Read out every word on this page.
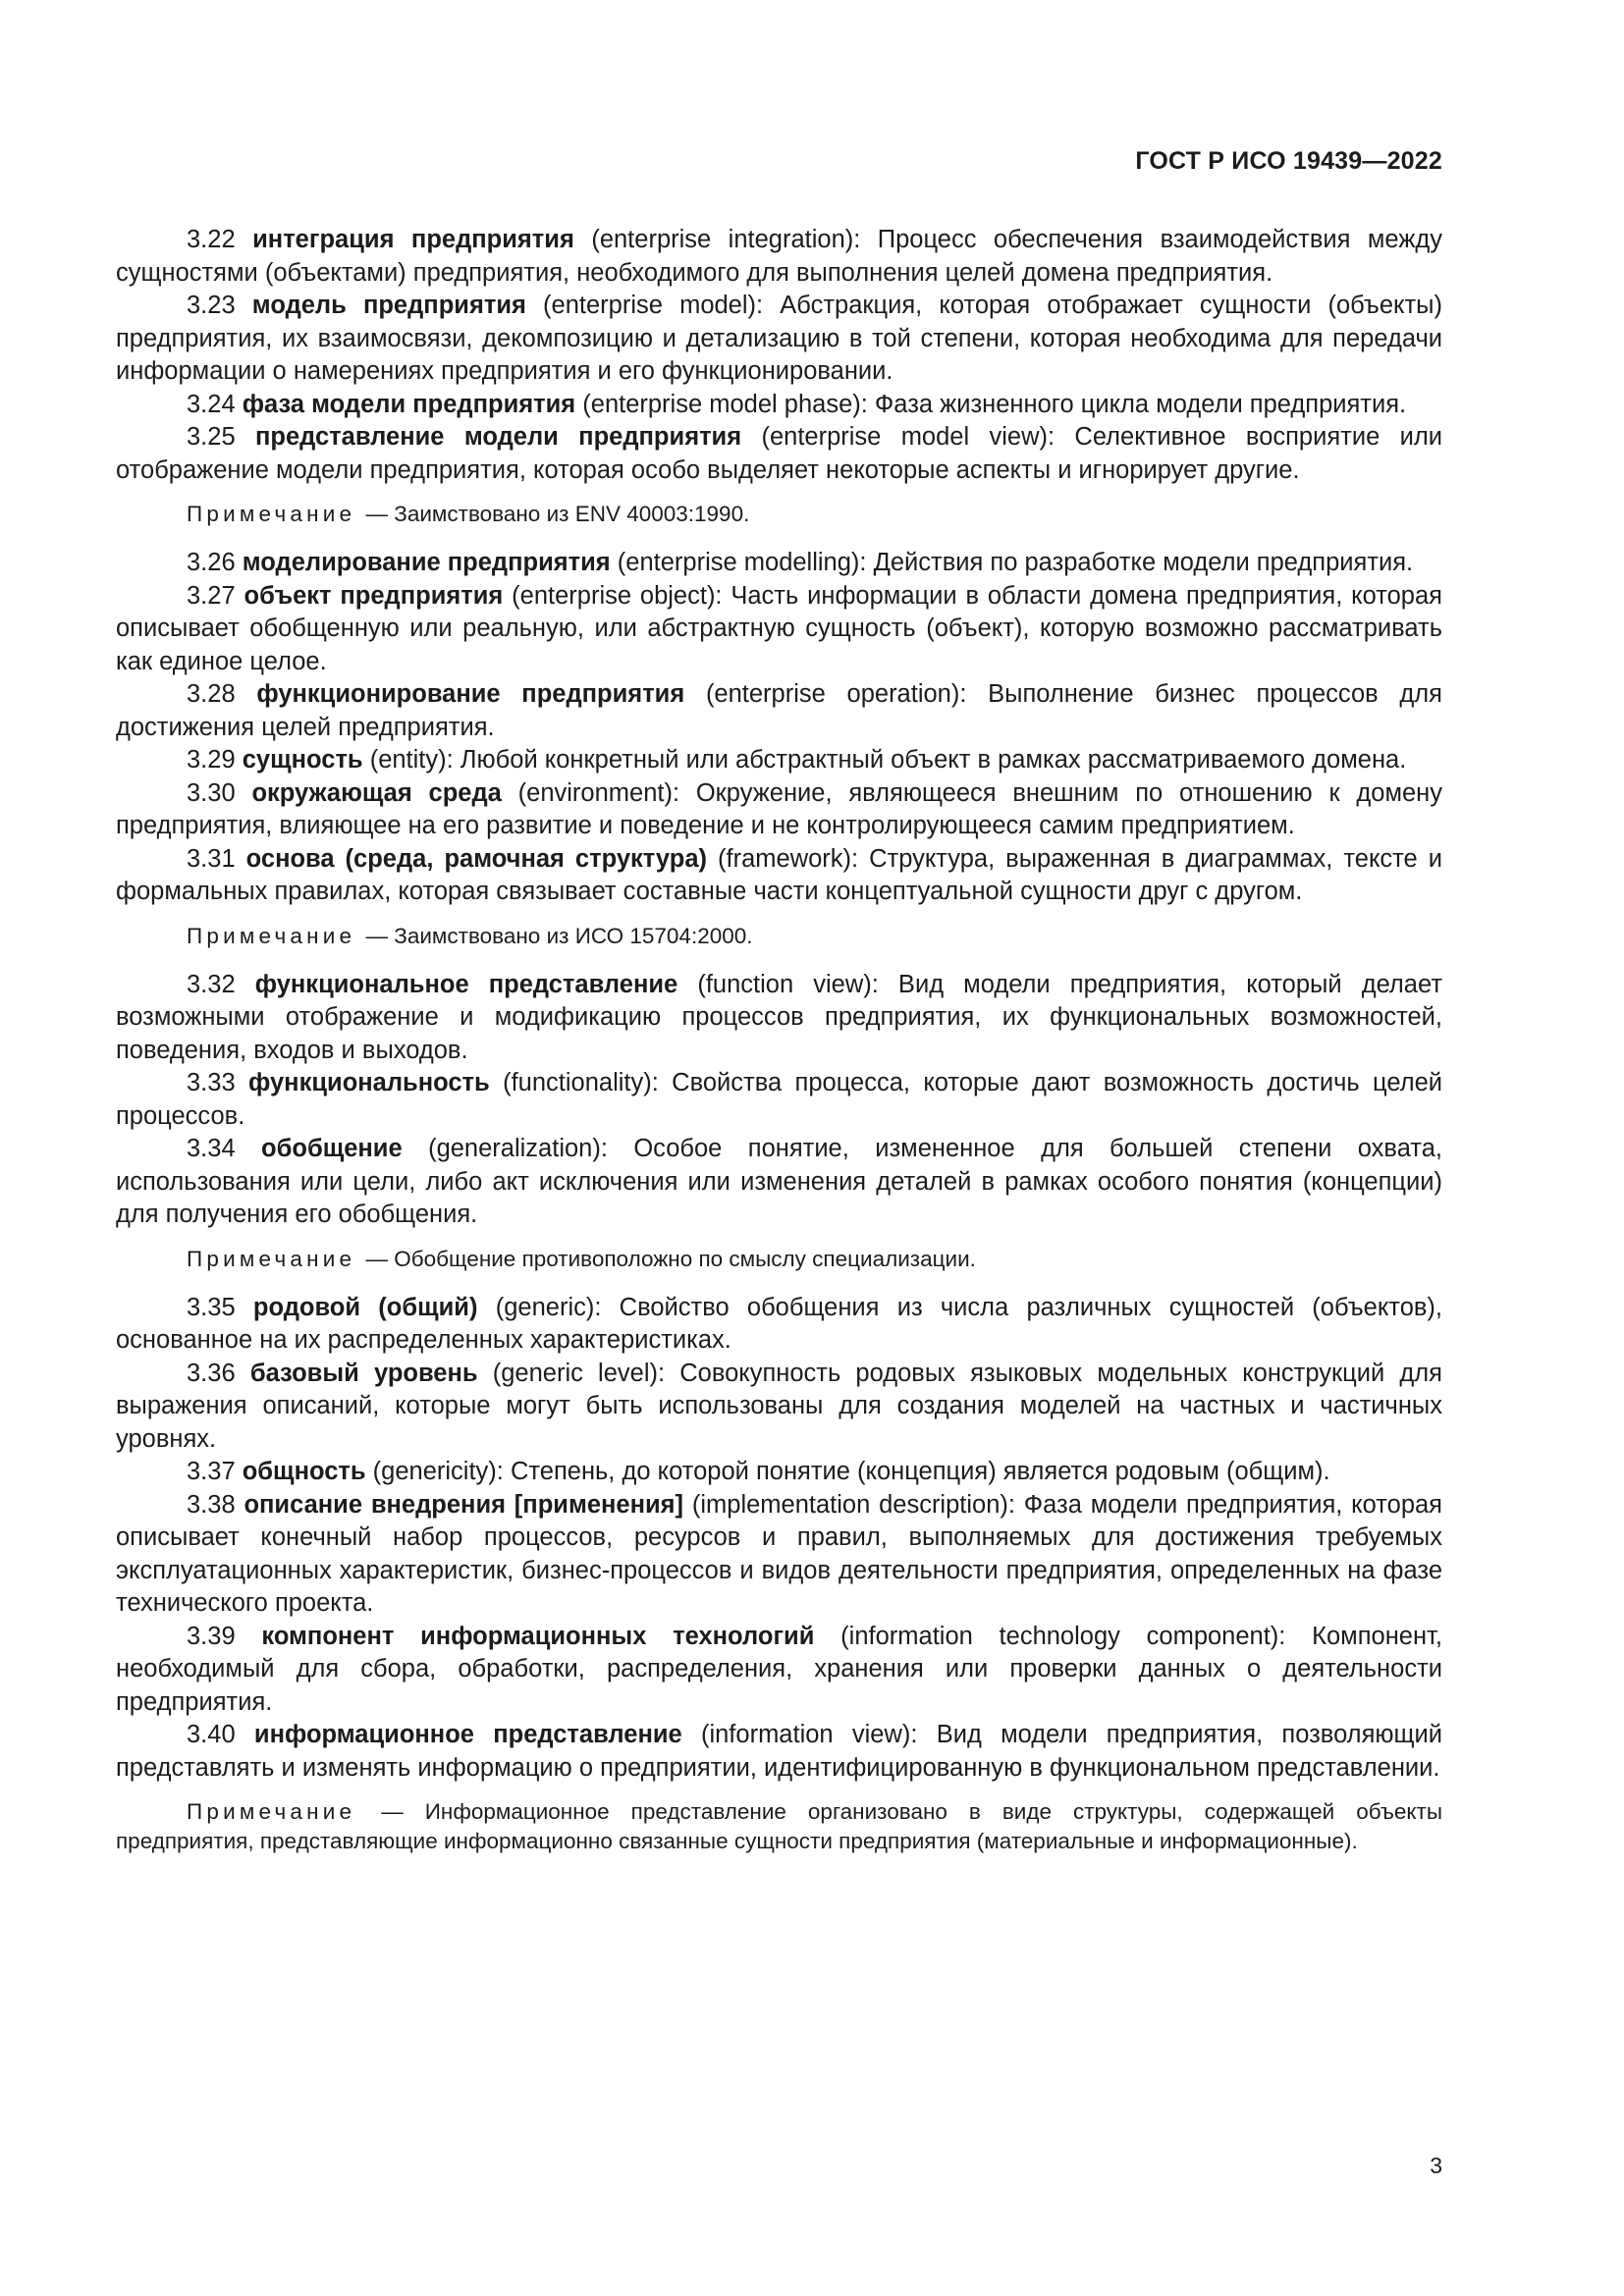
ГОСТ Р ИСО 19439—2022

3.22 интеграция предприятия (enterprise integration): Процесс обеспечения взаимодействия между сущностями (объектами) предприятия, необходимого для выполнения целей домена предприятия.

3.23 модель предприятия (enterprise model): Абстракция, которая отображает сущности (объекты) предприятия, их взаимосвязи, декомпозицию и детализацию в той степени, которая необходима для передачи информации о намерениях предприятия и его функционировании.

3.24 фаза модели предприятия (enterprise model phase): Фаза жизненного цикла модели предприятия.

3.25 представление модели предприятия (enterprise model view): Селективное восприятие или отображение модели предприятия, которая особо выделяет некоторые аспекты и игнорирует другие.

Примечание — Заимствовано из ENV 40003:1990.

3.26 моделирование предприятия (enterprise modelling): Действия по разработке модели предприятия.

3.27 объект предприятия (enterprise object): Часть информации в области домена предприятия, которая описывает обобщенную или реальную, или абстрактную сущность (объект), которую возможно рассматривать как единое целое.

3.28 функционирование предприятия (enterprise operation): Выполнение бизнес процессов для достижения целей предприятия.

3.29 сущность (entity): Любой конкретный или абстрактный объект в рамках рассматриваемого домена.

3.30 окружающая среда (environment): Окружение, являющееся внешним по отношению к домену предприятия, влияющее на его развитие и поведение и не контролирующееся самим предприятием.

3.31 основа (среда, рамочная структура) (framework): Структура, выраженная в диаграммах, тексте и формальных правилах, которая связывает составные части концептуальной сущности друг с другом.

Примечание — Заимствовано из ИСО 15704:2000.

3.32 функциональное представление (function view): Вид модели предприятия, который делает возможными отображение и модификацию процессов предприятия, их функциональных возможностей, поведения, входов и выходов.

3.33 функциональность (functionality): Свойства процесса, которые дают возможность достичь целей процессов.

3.34 обобщение (generalization): Особое понятие, измененное для большей степени охвата, использования или цели, либо акт исключения или изменения деталей в рамках особого понятия (концепции) для получения его обобщения.

Примечание — Обобщение противоположно по смыслу специализации.

3.35 родовой (общий) (generic): Свойство обобщения из числа различных сущностей (объектов), основанное на их распределенных характеристиках.

3.36 базовый уровень (generic level): Совокупность родовых языковых модельных конструкций для выражения описаний, которые могут быть использованы для создания моделей на частных и частичных уровнях.

3.37 общность (genericity): Степень, до которой понятие (концепция) является родовым (общим).

3.38 описание внедрения [применения] (implementation description): Фаза модели предприятия, которая описывает конечный набор процессов, ресурсов и правил, выполняемых для достижения требуемых эксплуатационных характеристик, бизнес-процессов и видов деятельности предприятия, определенных на фазе технического проекта.

3.39 компонент информационных технологий (information technology component): Компонент, необходимый для сбора, обработки, распределения, хранения или проверки данных о деятельности предприятия.

3.40 информационное представление (information view): Вид модели предприятия, позволяющий представлять и изменять информацию о предприятии, идентифицированную в функциональном представлении.

Примечание — Информационное представление организовано в виде структуры, содержащей объекты предприятия, представляющие информационно связанные сущности предприятия (материальные и информационные).

3
